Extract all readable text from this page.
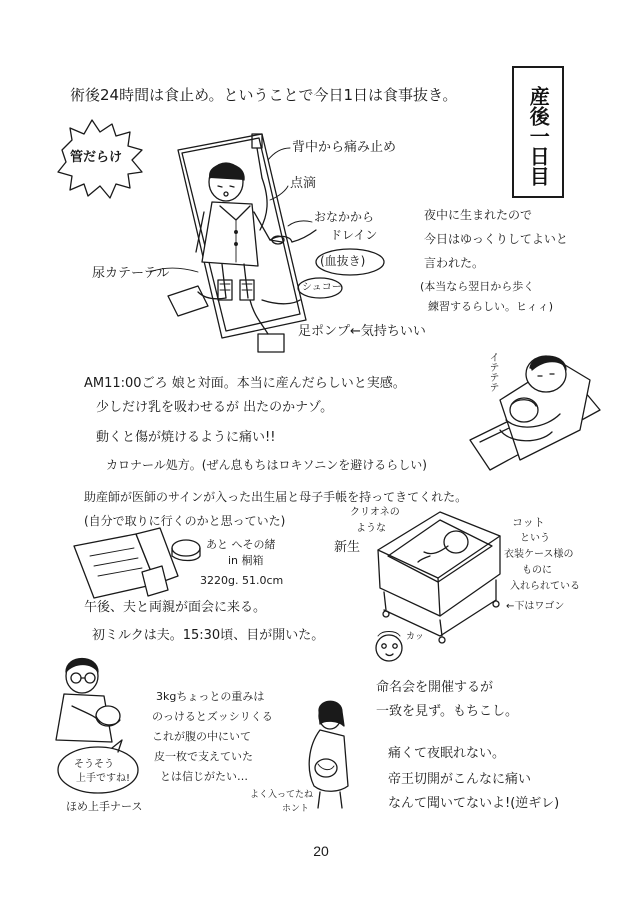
産後一日目
術後24時間は食止め。ということで今日1日は食事抜き。
管だらけ
背中から痛み止め
点滴
おなかから
ドレイン
(血抜き)
尿カテーテル
シュコー
足ポンプ←気持ちいい
夜中に生まれたので
今日はゆっくりしてよいと
言われた。
(本当なら翌日から歩く
練習するらしい。ヒィィ)
イテテテ
AM11:00ごろ 娘と対面。本当に産んだらしいと実感。
少しだけ乳を吸わせるが 出たのかナゾ。
動くと傷が焼けるように痛い!!
カロナール処方。(ぜん息もちはロキソニンを避けるらしい)
助産師が医師のサインが入った出生届と母子手帳を持ってきてくれた。
(自分で取りに行くのかと思っていた)
あと へその緒
in 桐箱
3220g. 51.0cm
クリオネの
ような
新生
コット
という
衣装ケース様の
ものに
入れられている
←下はワゴン
午後、夫と両親が面会に来る。
初ミルクは夫。15:30頃、目が開いた。	カッ
そうそう
上手ですね!
ほめ上手ナース
3kgちょっとの重みは
のっけるとズッシリくる
これが腹の中にいて
皮一枚で支えていた
とは信じがたい…
よく入ってたね
ホント
命名会を開催するが
一致を見ず。もちこし。
痛くて夜眠れない。
帝王切開がこんなに痛い
なんて聞いてないよ!(逆ギレ)
20
